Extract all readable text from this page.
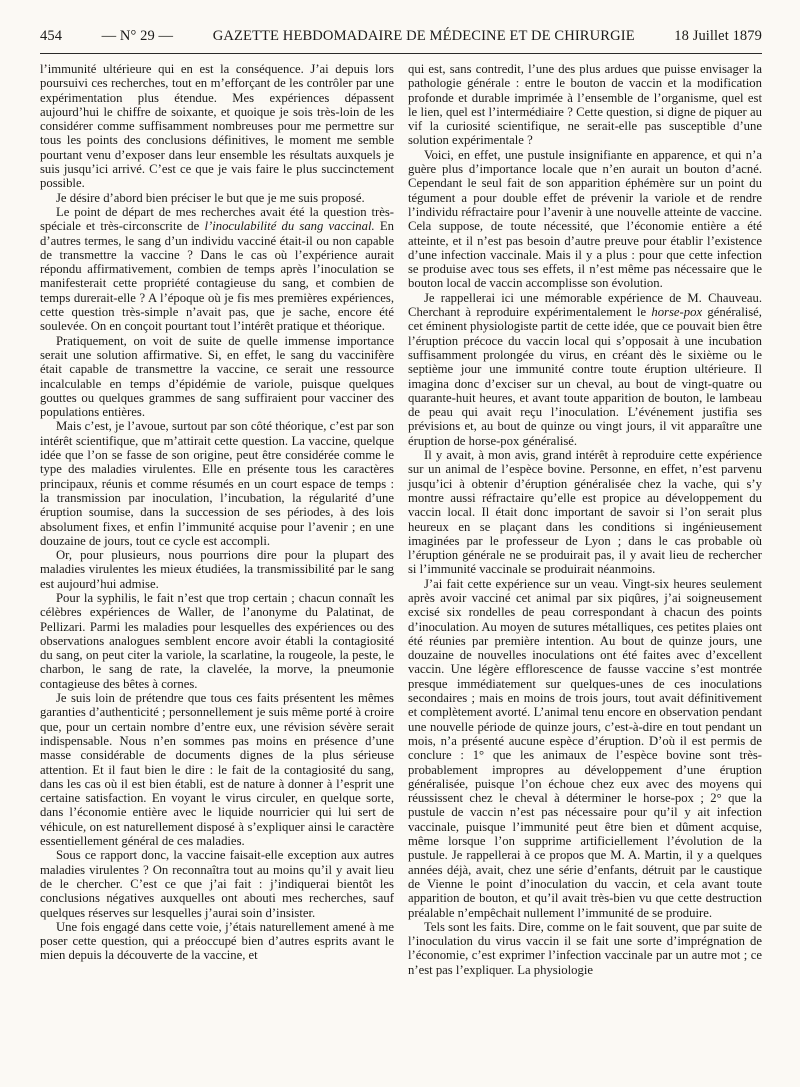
454	— N° 29 —	GAZETTE HEBDOMADAIRE DE MÉDECINE ET DE CHIRURGIE	18 Juillet 1879

l’immunité ultérieure qui en est la conséquence. J’ai depuis lors poursuivi ces recherches, tout en m’efforçant de les contrôler par une expérimentation plus étendue. Mes expériences dépassent aujourd’hui le chiffre de soixante, et quoique je sois très-loin de les considérer comme suffisamment nombreuses pour me permettre sur tous les points des conclusions définitives, le moment me semble pourtant venu d’exposer dans leur ensemble les résultats auxquels je suis jusqu’ici arrivé. C’est ce que je vais faire le plus succinctement possible.

Je désire d’abord bien préciser le but que je me suis proposé.

Le point de départ de mes recherches avait été la question très-spéciale et très-circonscrite de l’inoculabilité du sang vaccinal. En d’autres termes, le sang d’un individu vacciné était-il ou non capable de transmettre la vaccine ? Dans le cas où l’expérience aurait répondu affirmativement, combien de temps après l’inoculation se manifesterait cette propriété contagieuse du sang, et combien de temps durerait-elle ? A l’époque où je fis mes premières expériences, cette question très-simple n’avait pas, que je sache, encore été soulevée. On en conçoit pourtant tout l’intérêt pratique et théorique.

Pratiquement, on voit de suite de quelle immense importance serait une solution affirmative. Si, en effet, le sang du vaccinifère était capable de transmettre la vaccine, ce serait une ressource incalculable en temps d’épidémie de variole, puisque quelques gouttes ou quelques grammes de sang suffiraient pour vacciner des populations entières.

Mais c’est, je l’avoue, surtout par son côté théorique, c’est par son intérêt scientifique, que m’attirait cette question. La vaccine, quelque idée que l’on se fasse de son origine, peut être considérée comme le type des maladies virulentes. Elle en présente tous les caractères principaux, réunis et comme résumés en un court espace de temps : la transmission par inoculation, l’incubation, la régularité d’une éruption soumise, dans la succession de ses périodes, à des lois absolument fixes, et enfin l’immunité acquise pour l’avenir ; en une douzaine de jours, tout ce cycle est accompli.

Or, pour plusieurs, nous pourrions dire pour la plupart des maladies virulentes les mieux étudiées, la transmissibilité par le sang est aujourd’hui admise.

Pour la syphilis, le fait n’est que trop certain ; chacun connaît les célèbres expériences de Waller, de l’anonyme du Palatinat, de Pellizari. Parmi les maladies pour lesquelles des expériences ou des observations analogues semblent encore avoir établi la contagiosité du sang, on peut citer la variole, la scarlatine, la rougeole, la peste, le charbon, le sang de rate, la clavelée, la morve, la pneumonie contagieuse des bêtes à cornes.

Je suis loin de prétendre que tous ces faits présentent les mêmes garanties d’authenticité ; personnellement je suis même porté à croire que, pour un certain nombre d’entre eux, une révision sévère serait indispensable. Nous n’en sommes pas moins en présence d’une masse considérable de documents dignes de la plus sérieuse attention. Et il faut bien le dire : le fait de la contagiosité du sang, dans les cas où il est bien établi, est de nature à donner à l’esprit une certaine satisfaction. En voyant le virus circuler, en quelque sorte, dans l’économie entière avec le liquide nourricier qui lui sert de véhicule, on est naturellement disposé à s’expliquer ainsi le caractère essentiellement général de ces maladies.

Sous ce rapport donc, la vaccine faisait-elle exception aux autres maladies virulentes ? On reconnaîtra tout au moins qu’il y avait lieu de le chercher. C’est ce que j’ai fait : j’indiquerai bientôt les conclusions négatives auxquelles ont abouti mes recherches, sauf quelques réserves sur lesquelles j’aurai soin d’insister.

Une fois engagé dans cette voie, j’étais naturellement amené à me poser cette question, qui a préoccupé bien d’autres esprits avant le mien depuis la découverte de la vaccine, et

qui est, sans contredit, l’une des plus ardues que puisse envisager la pathologie générale : entre le bouton de vaccin et la modification profonde et durable imprimée à l’ensemble de l’organisme, quel est le lien, quel est l’intermédiaire ? Cette question, si digne de piquer au vif la curiosité scientifique, ne serait-elle pas susceptible d’une solution expérimentale ?

Voici, en effet, une pustule insignifiante en apparence, et qui n’a guère plus d’importance locale que n’en aurait un bouton d’acné. Cependant le seul fait de son apparition éphémère sur un point du tégument a pour double effet de prévenir la variole et de rendre l’individu réfractaire pour l’avenir à une nouvelle atteinte de vaccine. Cela suppose, de toute nécessité, que l’économie entière a été atteinte, et il n’est pas besoin d’autre preuve pour établir l’existence d’une infection vaccinale. Mais il y a plus : pour que cette infection se produise avec tous ses effets, il n’est même pas nécessaire que le bouton local de vaccin accomplisse son évolution.

Je rappellerai ici une mémorable expérience de M. Chauveau. Cherchant à reproduire expérimentalement le horse-pox généralisé, cet éminent physiologiste partit de cette idée, que ce pouvait bien être l’éruption précoce du vaccin local qui s’opposait à une incubation suffisamment prolongée du virus, en créant dès le sixième ou le septième jour une immunité contre toute éruption ultérieure. Il imagina donc d’exciser sur un cheval, au bout de vingt-quatre ou quarante-huit heures, et avant toute apparition de bouton, le lambeau de peau qui avait reçu l’inoculation. L’événement justifia ses prévisions et, au bout de quinze ou vingt jours, il vit apparaître une éruption de horse-pox généralisé.

Il y avait, à mon avis, grand intérêt à reproduire cette expérience sur un animal de l’espèce bovine. Personne, en effet, n’est parvenu jusqu’ici à obtenir d’éruption généralisée chez la vache, qui s’y montre aussi réfractaire qu’elle est propice au développement du vaccin local. Il était donc important de savoir si l’on serait plus heureux en se plaçant dans les conditions si ingénieusement imaginées par le professeur de Lyon ; dans le cas probable où l’éruption générale ne se produirait pas, il y avait lieu de rechercher si l’immunité vaccinale se produirait néanmoins.

J’ai fait cette expérience sur un veau. Vingt-six heures seulement après avoir vacciné cet animal par six piqûres, j’ai soigneusement excisé six rondelles de peau correspondant à chacun des points d’inoculation. Au moyen de sutures métalliques, ces petites plaies ont été réunies par première intention. Au bout de quinze jours, une douzaine de nouvelles inoculations ont été faites avec d’excellent vaccin. Une légère efflorescence de fausse vaccine s’est montrée presque immédiatement sur quelques-unes de ces inoculations secondaires ; mais en moins de trois jours, tout avait définitivement et complètement avorté. L’animal tenu encore en observation pendant une nouvelle période de quinze jours, c’est-à-dire en tout pendant un mois, n’a présenté aucune espèce d’éruption. D’où il est permis de conclure : 1° que les animaux de l’espèce bovine sont très-probablement impropres au développement d’une éruption généralisée, puisque l’on échoue chez eux avec des moyens qui réussissent chez le cheval à déterminer le horse-pox ; 2° que la pustule de vaccin n’est pas nécessaire pour qu’il y ait infection vaccinale, puisque l’immunité peut être bien et dûment acquise, même lorsque l’on supprime artificiellement l’évolution de la pustule. Je rappellerai à ce propos que M. A. Martin, il y a quelques années déjà, avait, chez une série d’enfants, détruit par le caustique de Vienne le point d’inoculation du vaccin, et cela avant toute apparition de bouton, et qu’il avait très-bien vu que cette destruction préalable n’empêchait nullement l’immunité de se produire.

Tels sont les faits. Dire, comme on le fait souvent, que par suite de l’inoculation du virus vaccin il se fait une sorte d’imprégnation de l’économie, c’est exprimer l’infection vaccinale par un autre mot ; ce n’est pas l’expliquer. La physiologie
